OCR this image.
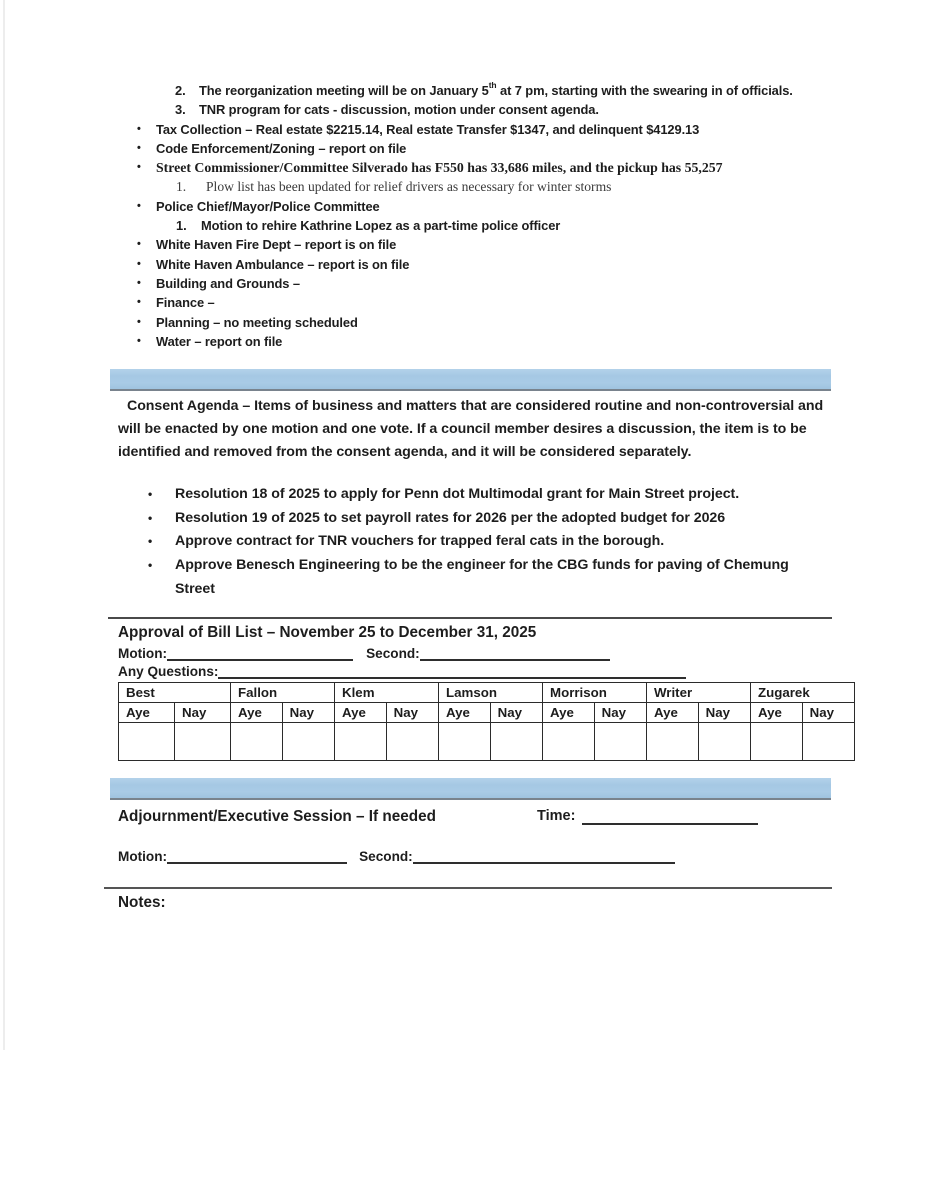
2.	The reorganization meeting will be on January 5th at 7 pm, starting with the swearing in of officials.
3.	TNR program for cats - discussion, motion under consent agenda.
•	Tax Collection – Real estate $2215.14, Real estate Transfer $1347, and delinquent $4129.13
•	Code Enforcement/Zoning – report on file
•	Street Commissioner/Committee Silverado has F550 has 33,686 miles, and the pickup has 55,257
1.	Plow list has been updated for relief drivers as necessary for winter storms
•	Police Chief/Mayor/Police Committee
1.	Motion to rehire Kathrine Lopez as a part-time police officer
•	White Haven Fire Dept – report is on file
•	White Haven Ambulance – report is on file
•	Building and Grounds –
•	Finance –
•	Planning – no meeting scheduled
•	Water – report on file
Consent Agenda – Items of business and matters that are considered routine and non-controversial and will be enacted by one motion and one vote. If a council member desires a discussion, the item is to be identified and removed from the consent agenda, and it will be considered separately.
•	Resolution 18 of 2025 to apply for Penn dot Multimodal grant for Main Street project.
•	Resolution 19 of 2025 to set payroll rates for 2026 per the adopted budget for 2026
•	Approve contract for TNR vouchers for trapped feral cats in the borough.
•	Approve Benesch Engineering to be the engineer for the CBG funds for paving of Chemung Street
Approval of Bill List – November 25 to December 31, 2025
Motion:	Second:
Any Questions:
Best		Fallon		Klem		Lamson		Morrison		Writer		Zugarek	
Aye	Nay	Aye	Nay	Aye	Nay	Aye	Nay	Aye	Nay	Aye	Nay	Aye	Nay

Adjournment/Executive Session – If needed	Time:
Motion:	Second:
Notes:
